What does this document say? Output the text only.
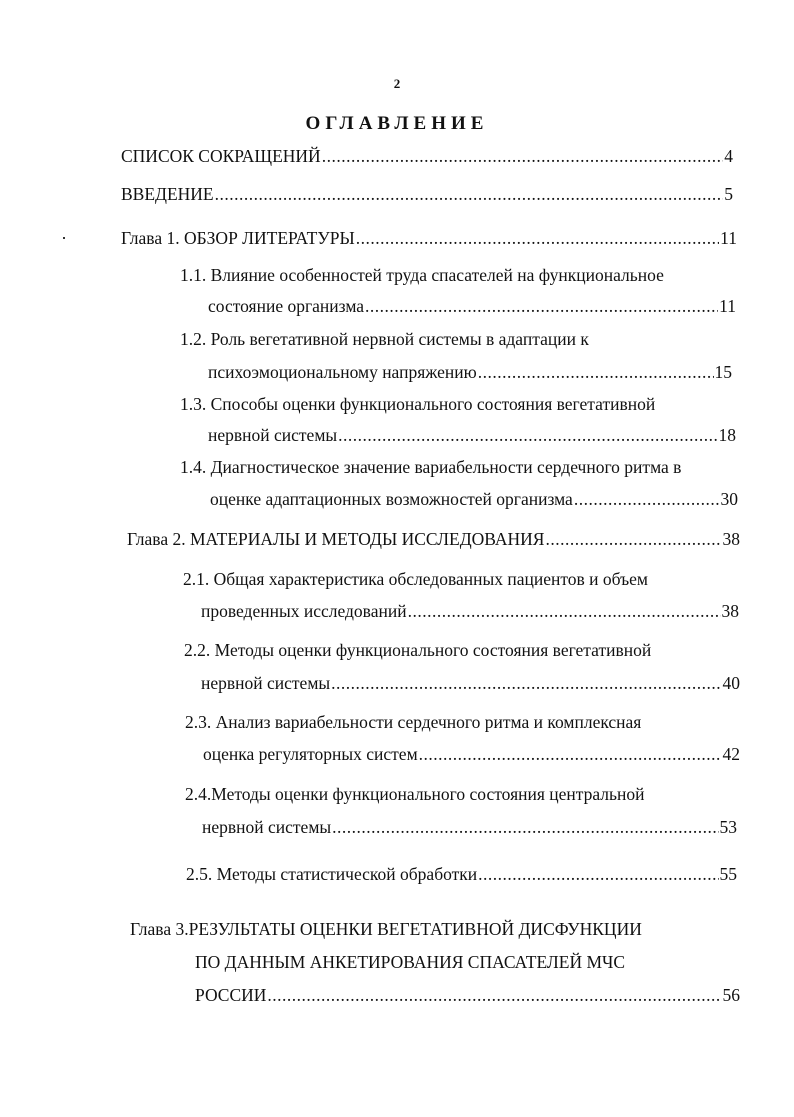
2
ОГЛАВЛЕНИЕ
СПИСОК СОКРАЩЕНИЙ .....	4
ВВЕДЕНИЕ .....	5
Глава 1. ОБЗОР ЛИТЕРАТУРЫ .....	11
1.1. Влияние особенностей труда спасателей на функциональное
состояние организма .....	11
1.2. Роль вегетативной нервной системы в адаптации к
психоэмоциональному напряжению .....	15
1.3. Способы оценки функционального состояния вегетативной
нервной системы .....	18
1.4. Диагностическое значение вариабельности сердечного ритма в
оценке адаптационных возможностей организма .....	30
Глава 2. МАТЕРИАЛЫ И МЕТОДЫ ИССЛЕДОВАНИЯ .....	38
2.1. Общая характеристика обследованных пациентов и объем
проведенных исследований .....	38
2.2. Методы оценки функционального состояния вегетативной
нервной системы .....	40
2.3. Анализ вариабельности сердечного ритма и комплексная
оценка регуляторных систем .....	42
2.4.Методы оценки функционального состояния центральной
нервной системы .....	53
2.5. Методы статистической обработки .....	55
Глава 3.РЕЗУЛЬТАТЫ ОЦЕНКИ ВЕГЕТАТИВНОЙ ДИСФУНКЦИИ
ПО ДАННЫМ АНКЕТИРОВАНИЯ СПАСАТЕЛЕЙ МЧС
РОССИИ .....	56
